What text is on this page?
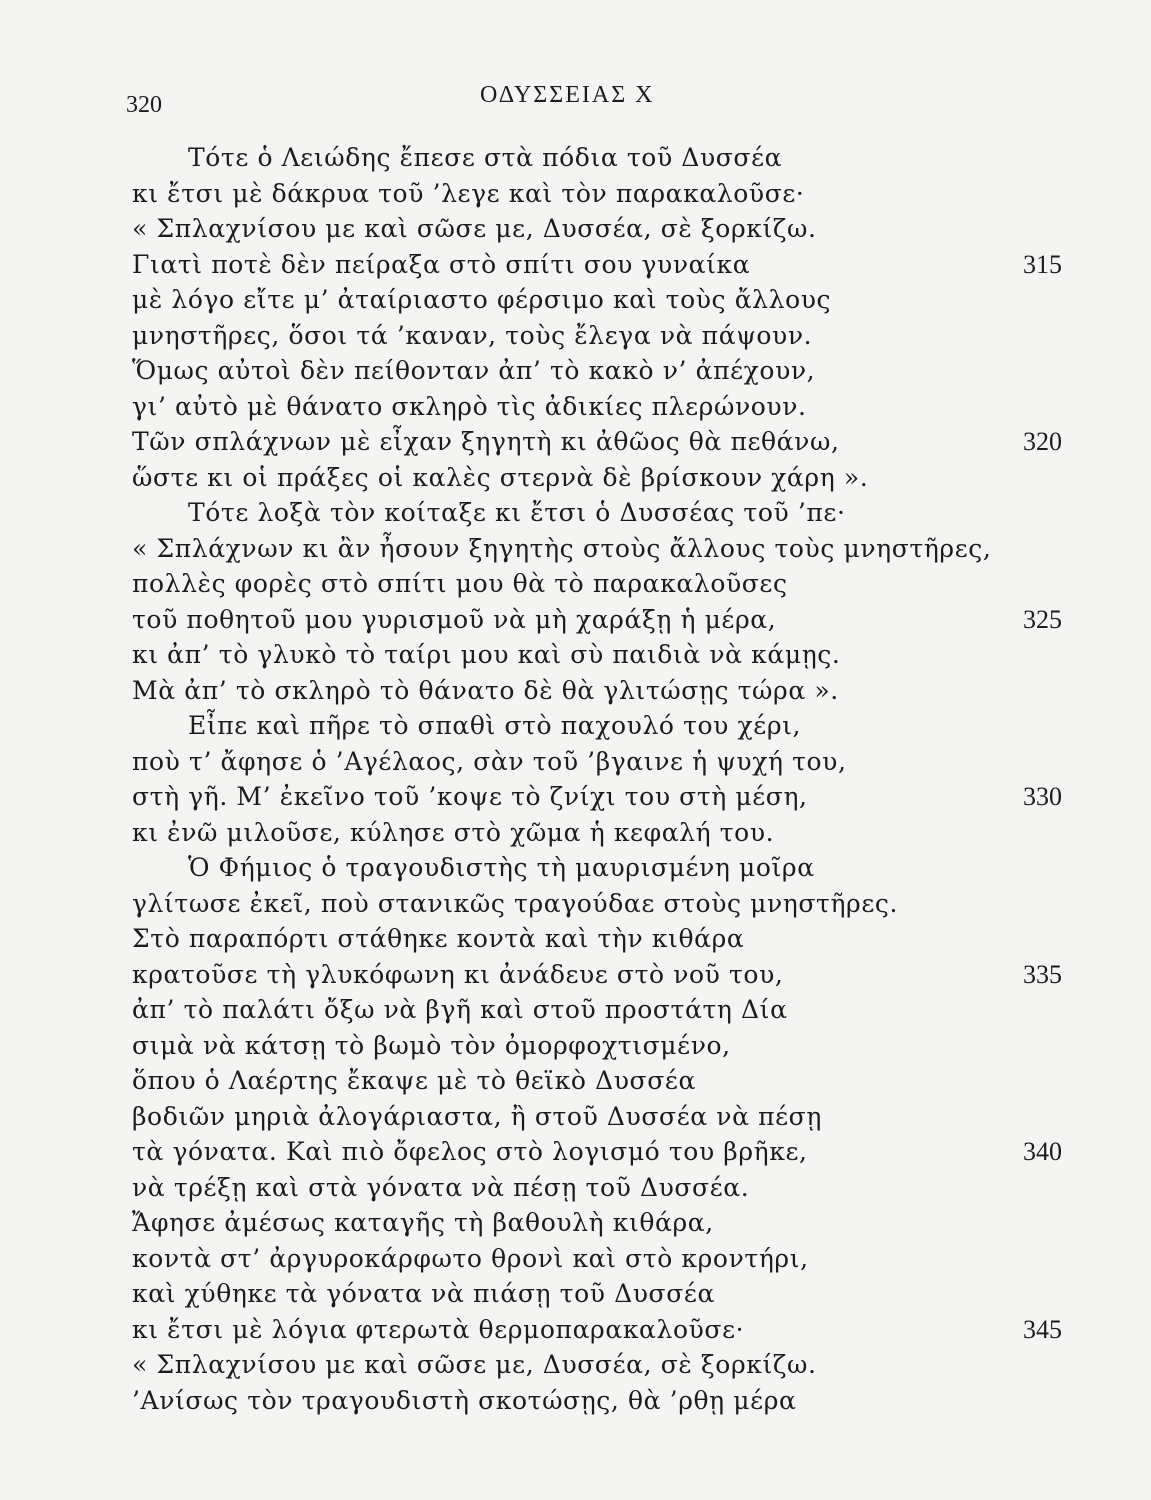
320	ΟΔΥΣΣΕΙΑΣ Χ
Τότε ὁ Λειώδης ἔπεσε στὰ πόδια τοῦ Δυσσέα
κι ἔτσι μὲ δάκρυα τοῦ ’λεγε καὶ τὸν παρακαλοῦσε·
« Σπλαχνίσου με καὶ σῶσε με, Δυσσέα, σὲ ξορκίζω.
Γιατὶ ποτὲ δὲν πείραξα στὸ σπίτι σου γυναίκα	315
μὲ λόγο εἴτε μ’ ἀταίριαστο φέρσιμο καὶ τοὺς ἄλλους
μνηστῆρες, ὅσοι τά ’καναν, τοὺς ἔλεγα νὰ πάψουν.
Ὅμως αὐτοὶ δὲν πείθονταν ἀπ’ τὸ κακὸ ν’ ἀπέχουν,
γι’ αὐτὸ μὲ θάνατο σκληρὸ τὶς ἀδικίες πλερώνουν.
Τῶν σπλάχνων μὲ εἶχαν ξηγητὴ κι ἀθῶος θὰ πεθάνω,	320
ὥστε κι οἱ πράξες οἱ καλὲς στερνὰ δὲ βρίσκουν χάρη ».
Τότε λοξὰ τὸν κοίταξε κι ἔτσι ὁ Δυσσέας τοῦ ’πε·
« Σπλάχνων κι ἂν ἦσουν ξηγητὴς στοὺς ἄλλους τοὺς μνηστῆρες,
πολλὲς φορὲς στὸ σπίτι μου θὰ τὸ παρακαλοῦσες
τοῦ ποθητοῦ μου γυρισμοῦ νὰ μὴ χαράξῃ ἡ μέρα,	325
κι ἀπ’ τὸ γλυκὸ τὸ ταίρι μου καὶ σὺ παιδιὰ νὰ κάμῃς.
Μὰ ἀπ’ τὸ σκληρὸ τὸ θάνατο δὲ θὰ γλιτώσῃς τώρα ».
Εἶπε καὶ πῆρε τὸ σπαθὶ στὸ παχουλό του χέρι,
ποὺ τ’ ἄφησε ὁ ’Αγέλαος, σὰν τοῦ ’βγαινε ἡ ψυχή του,
στὴ γῆ. Μ’ ἐκεῖνο τοῦ ’κοψε τὸ ζνίχι του στὴ μέση,	330
κι ἐνῶ μιλοῦσε, κύλησε στὸ χῶμα ἡ κεφαλή του.
Ὁ Φήμιος ὁ τραγουδιστὴς τὴ μαυρισμένη μοῖρα
γλίτωσε ἐκεῖ, ποὺ στανικῶς τραγούδαε στοὺς μνηστῆρες.
Στὸ παραπόρτι στάθηκε κοντὰ καὶ τὴν κιθάρα
κρατοῦσε τὴ γλυκόφωνη κι ἀνάδευε στὸ νοῦ του,	335
ἀπ’ τὸ παλάτι ὄξω νὰ βγῆ καὶ στοῦ προστάτη Δία
σιμὰ νὰ κάτσῃ τὸ βωμὸ τὸν ὀμορφοχτισμένο,
ὅπου ὁ Λαέρτης ἔκαψε μὲ τὸ θεϊκὸ Δυσσέα
βοδιῶν μηριὰ ἀλογάριαστα, ἢ στοῦ Δυσσέα νὰ πέσῃ
τὰ γόνατα. Καὶ πιὸ ὄφελος στὸ λογισμό του βρῆκε,	340
νὰ τρέξῃ καὶ στὰ γόνατα νὰ πέσῃ τοῦ Δυσσέα.
Ἄφησε ἀμέσως καταγῆς τὴ βαθουλὴ κιθάρα,
κοντὰ στ’ ἀργυροκάρφωτο θρονὶ καὶ στὸ κροντήρι,
καὶ χύθηκε τὰ γόνατα νὰ πιάσῃ τοῦ Δυσσέα
κι ἔτσι μὲ λόγια φτερωτὰ θερμοπαρακαλοῦσε·	345
« Σπλαχνίσου με καὶ σῶσε με, Δυσσέα, σὲ ξορκίζω.
’Ανίσως τὸν τραγουδιστὴ σκοτώσῃς, θὰ ’ρθῃ μέρα
